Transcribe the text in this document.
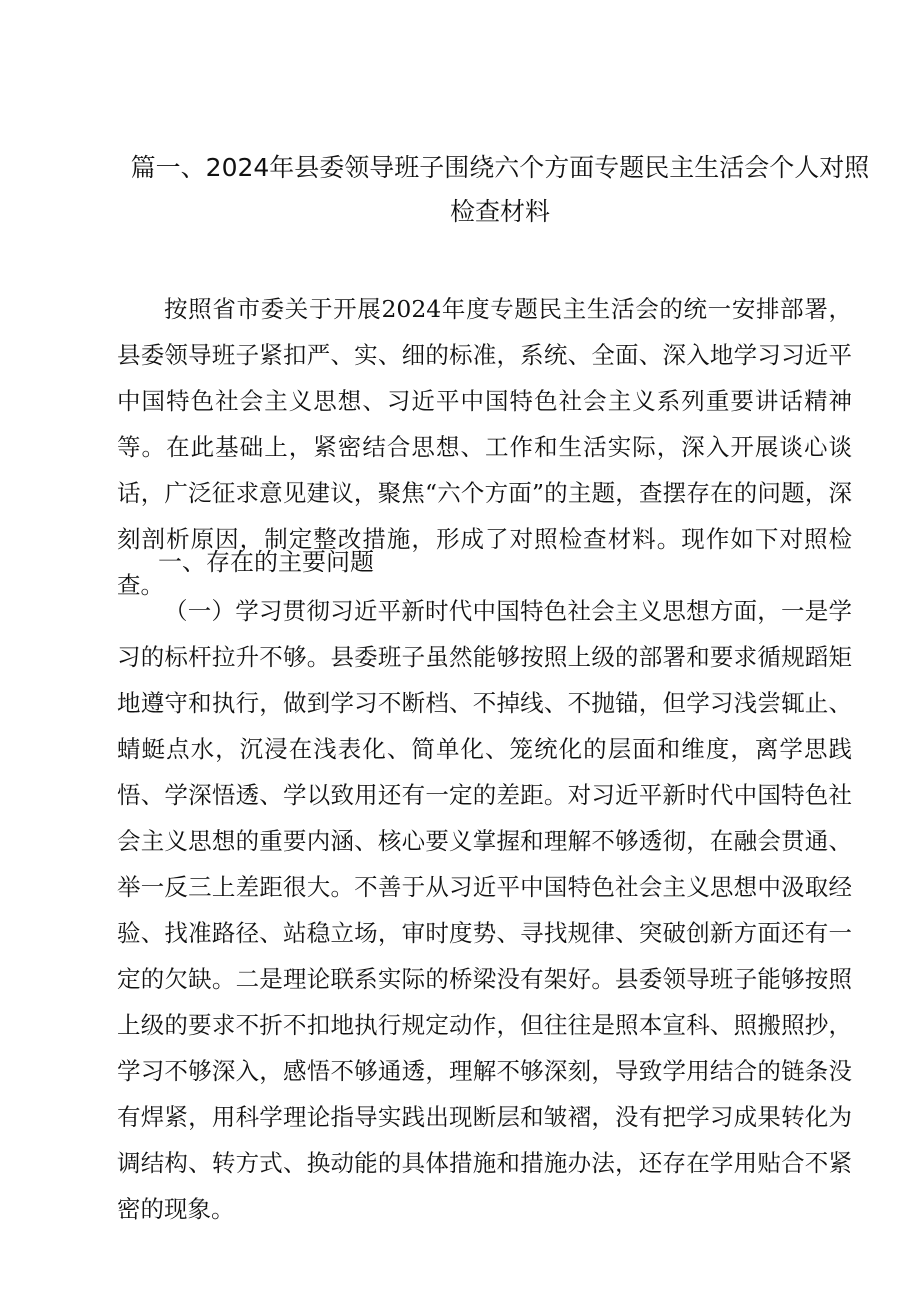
篇一、2024年县委领导班子围绕六个方面专题民主生活会个人对照
检查材料

按照省市委关于开展2024年度专题民主生活会的统一安排部署，县委领导班子紧扣严、实、细的标准，系统、全面、深入地学习习近平中国特色社会主义思想、习近平中国特色社会主义系列重要讲话精神等。在此基础上，紧密结合思想、工作和生活实际，深入开展谈心谈话，广泛征求意见建议，聚焦“六个方面”的主题，查摆存在的问题，深刻剖析原因，制定整改措施，形成了对照检查材料。现作如下对照检查。

一、存在的主要问题

（一）学习贯彻习近平新时代中国特色社会主义思想方面，一是学习的标杆拉升不够。县委班子虽然能够按照上级的部署和要求循规蹈矩地遵守和执行，做到学习不断档、不掉线、不抛锚，但学习浅尝辄止、蜻蜓点水，沉浸在浅表化、简单化、笼统化的层面和维度，离学思践悟、学深悟透、学以致用还有一定的差距。对习近平新时代中国特色社会主义思想的重要内涵、核心要义掌握和理解不够透彻，在融会贯通、举一反三上差距很大。不善于从习近平中国特色社会主义思想中汲取经验、找准路径、站稳立场，审时度势、寻找规律、突破创新方面还有一定的欠缺。二是理论联系实际的桥梁没有架好。县委领导班子能够按照上级的要求不折不扣地执行规定动作，但往往是照本宣科、照搬照抄，学习不够深入，感悟不够通透，理解不够深刻，导致学用结合的链条没有焊紧，用科学理论指导实践出现断层和皱褶，没有把学习成果转化为调结构、转方式、换动能的具体措施和措施办法，还存在学用贴合不紧密的现象。
